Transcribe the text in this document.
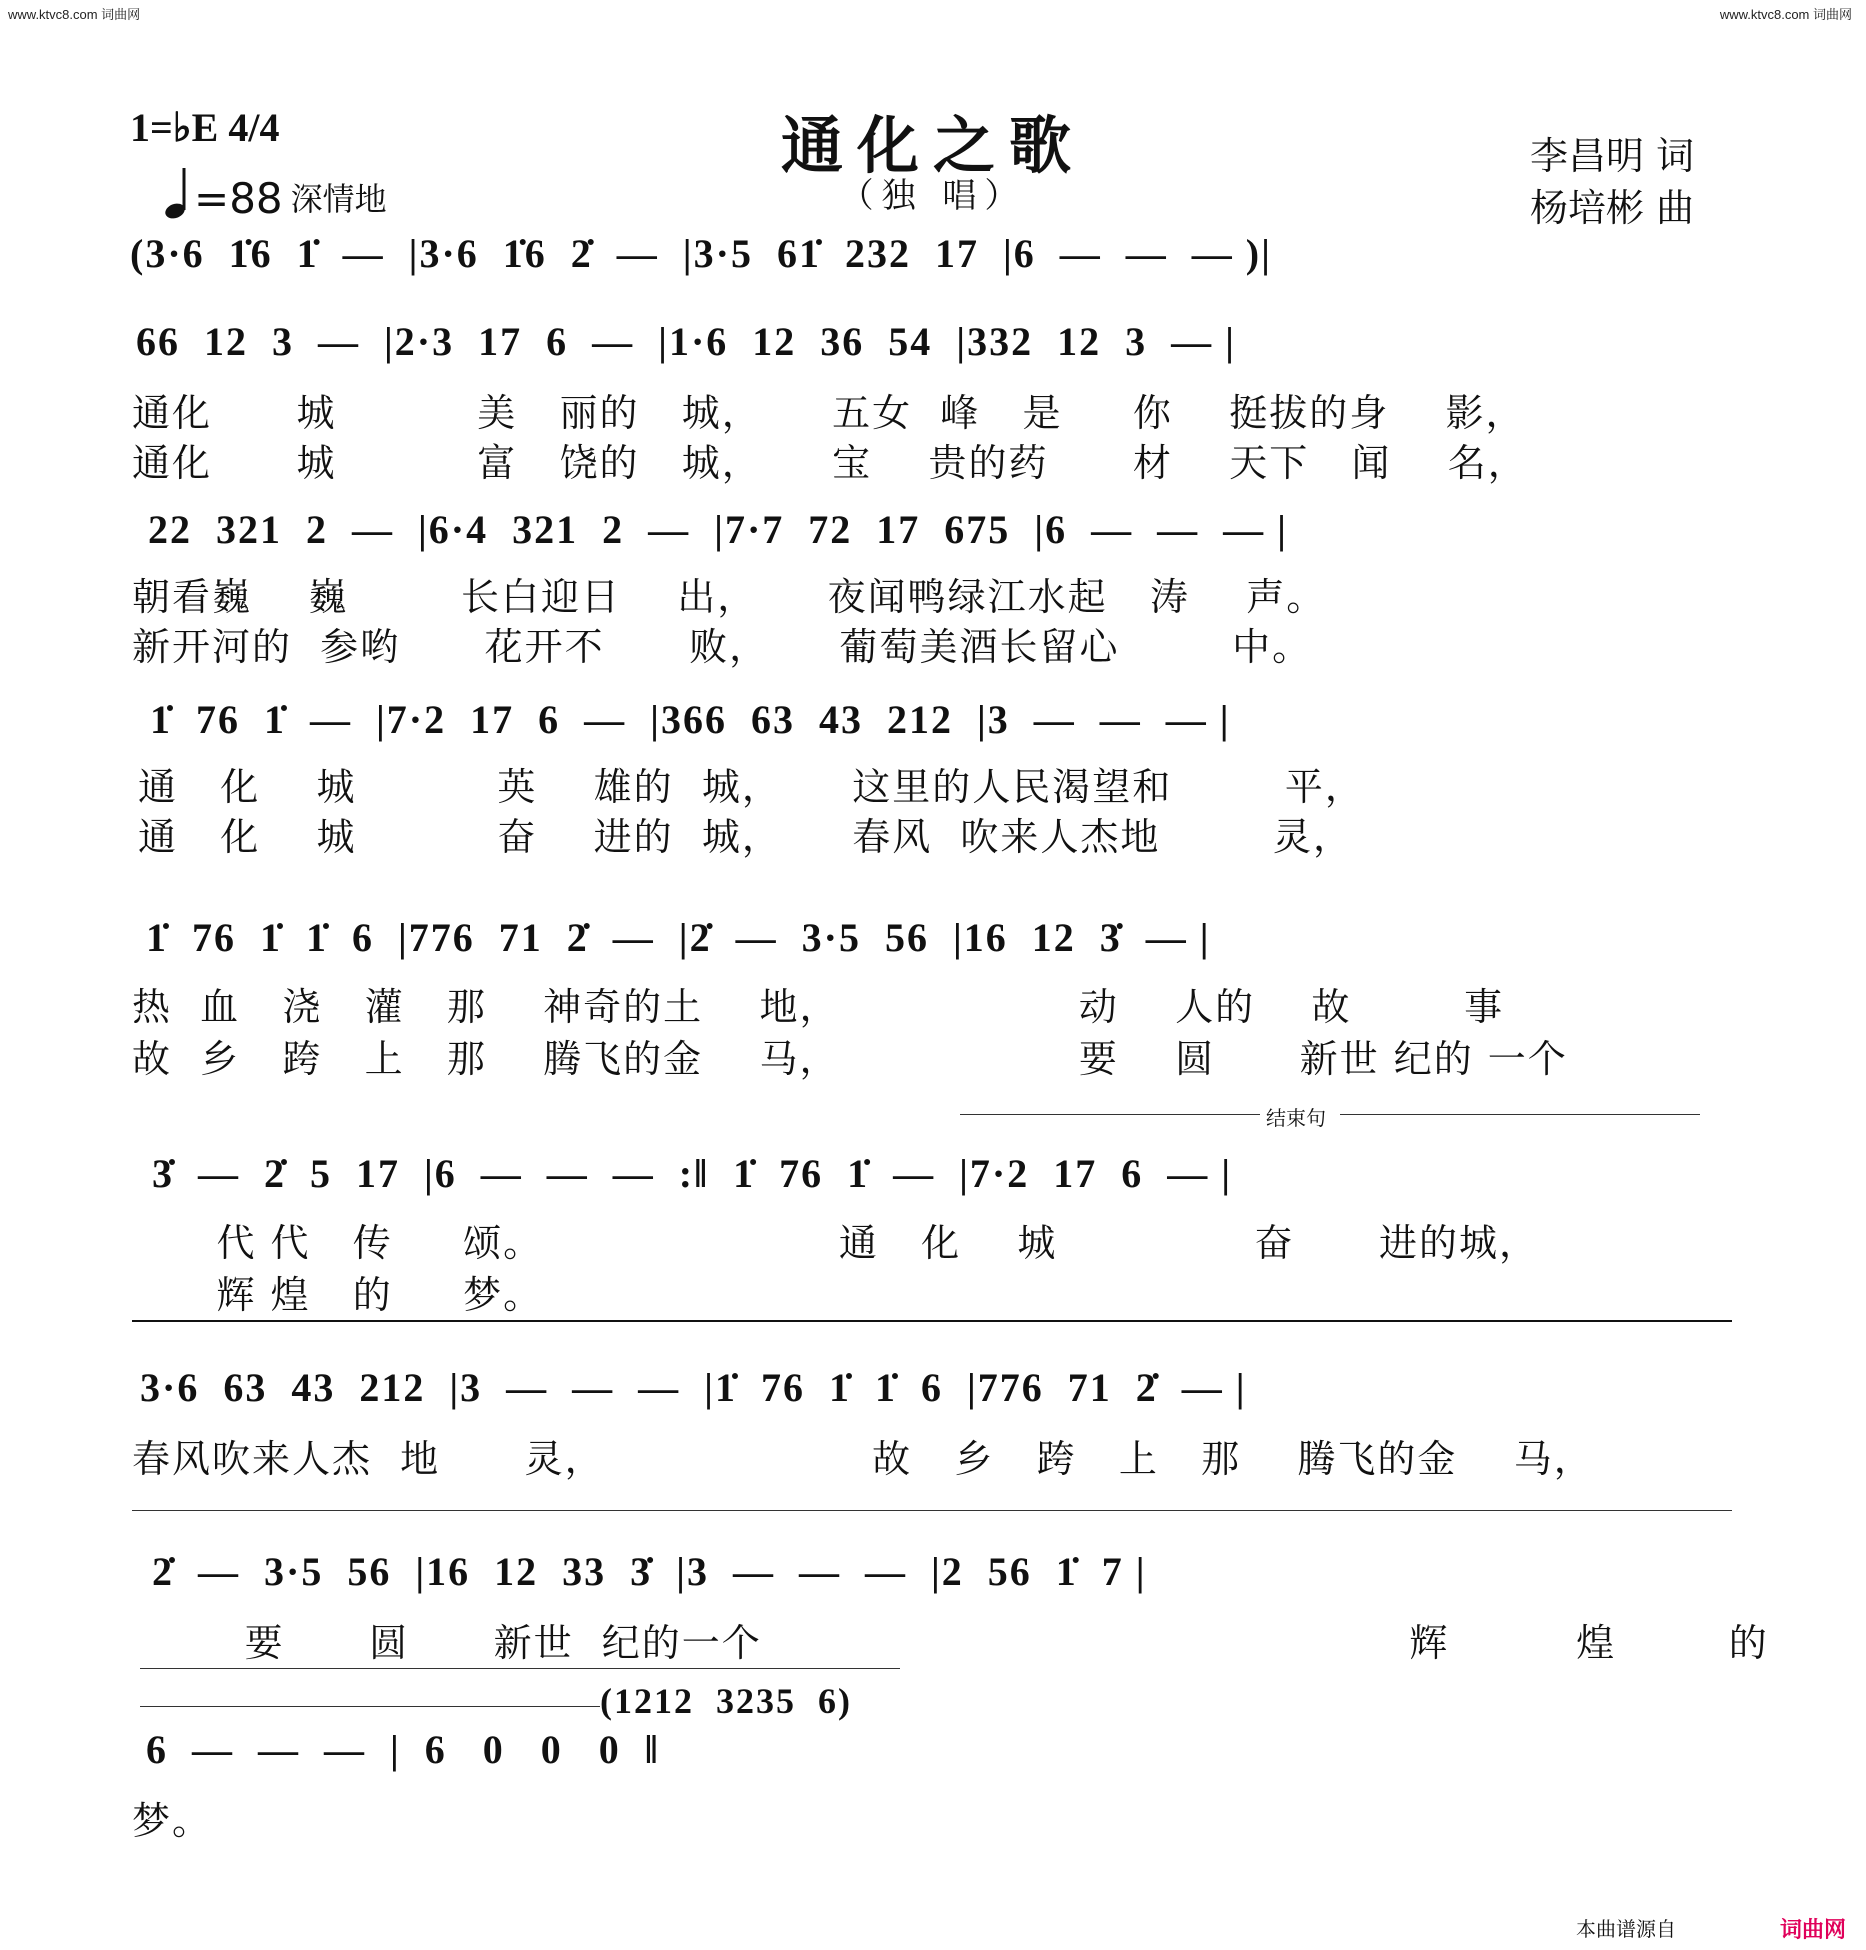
www.ktvc8.com 词曲网	www.ktvc8.com 词曲网
1=♭E 4/4
=88 深情地
通化之歌
（独 唱）
李昌明 词
杨培彬 曲
(3·6  1̇6  1̇  —  |3·6  1̇6  2̇  —  |3·5  61̇  232  17  |6  —  —  — )|
66  12  3  —  |2·3  17  6  —  |1·6  12  36  54  |332  12  3  — |
通化      城          美   丽的   城，     五女  峰   是     你    挺拔的身    影，
通化      城          富   饶的   城，     宝    贵的药      材    天下   闻    名，
22  321  2  —  |6·4  321  2  —  |7·7  72  17  675  |6  —  —  — |
朝看巍    巍        长白迎日    出，     夜闻鸭绿江水起   涛    声。
新开河的  参哟      花开不      败，     葡萄美酒长留心        中。
1̇  76  1̇  —  |7·2  17  6  —  |366  63  43  212  |3  —  —  — |
通   化    城          英    雄的  城，     这里的人民渴望和        平，
通   化    城          奋    进的  城，     春风  吹来人杰地        灵，
1̇  76  1̇  1̇  6  |776  71  2̇  —  |2̇  —  3·5  56  |16  12  3̇  — |
热  血   浇   灌   那    神奇的土    地，                 动    人的    故        事
故  乡   跨   上   那    腾飞的金    马，                 要    圆      新世 纪的 一个
结束句
3̇  —  2̇  5  17  |6  —  —  —  :‖  1̇  76  1̇  —  |7·2  17  6  — |
代 代   传     颂。                     通   化    城              奋      进的城，
辉 煌   的     梦。
3·6  63  43  212  |3  —  —  —  |1̇  76  1̇  1̇  6  |776  71  2̇  — |
春风吹来人杰  地      灵，                   故   乡   跨   上   那    腾飞的金    马，
2̇  —  3·5  56  |16  12  33  3̇  |3  —  —  —  |2  56  1̇  7 |
要      圆      新世  纪的一个                                              辉         煌        的
(1212  3235  6)
6  —  —  —  |  6   0   0   0  ‖
梦。
本曲谱源自	词曲网
